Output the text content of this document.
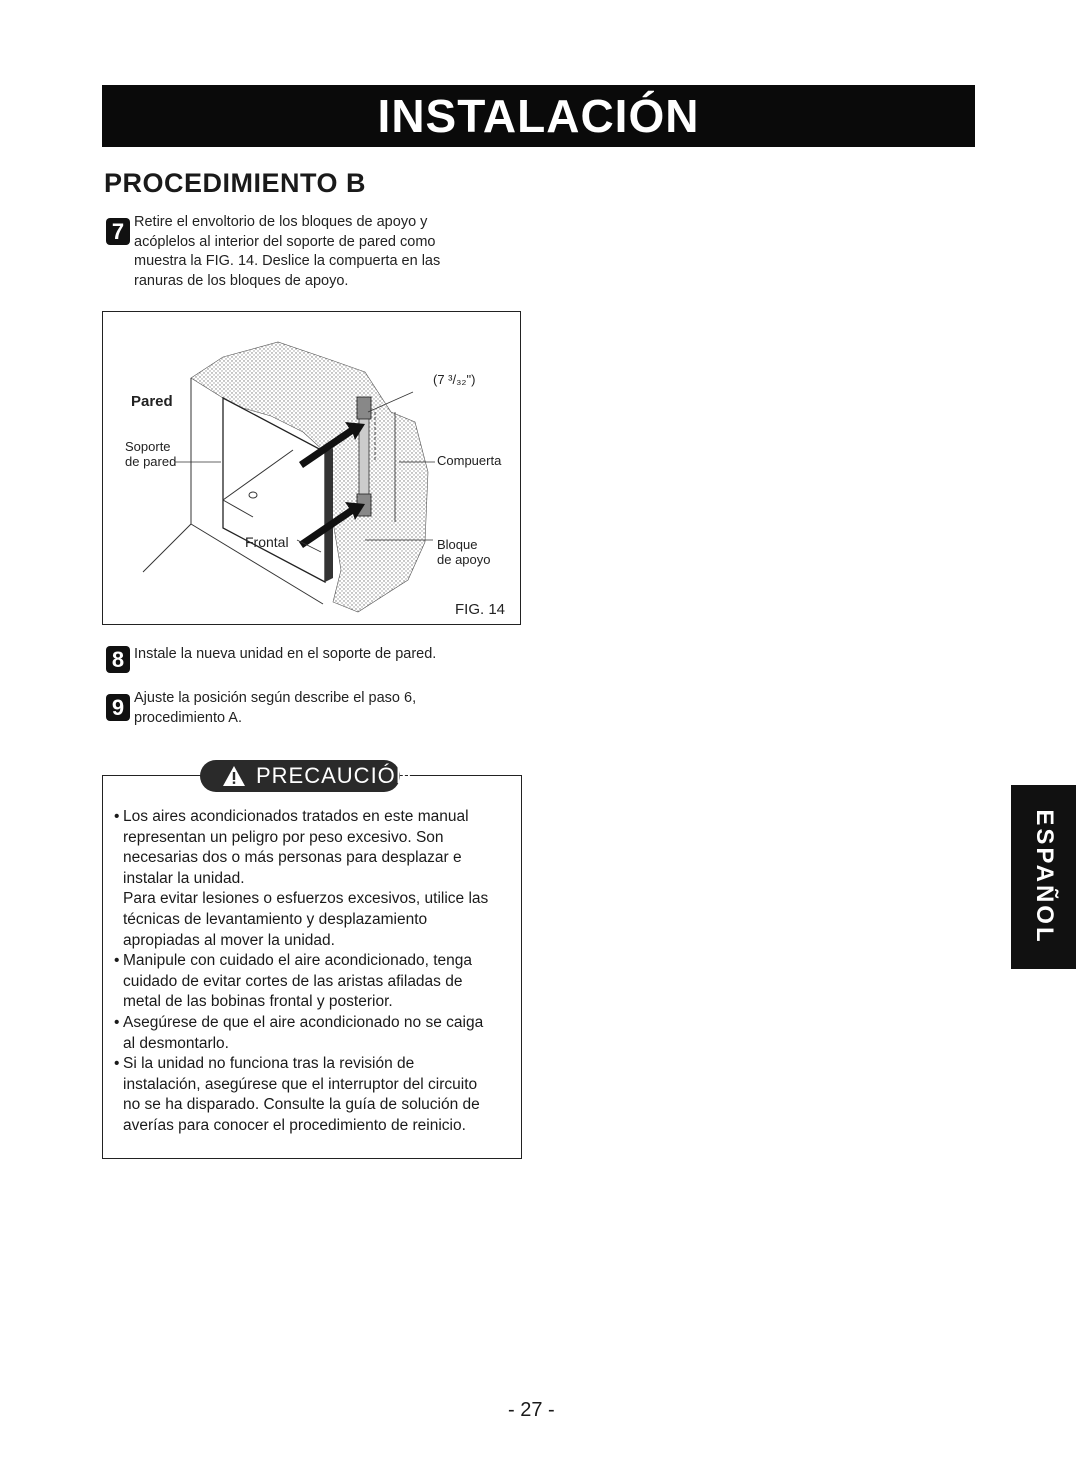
INSTALACIÓN
PROCEDIMIENTO B
7 Retire el envoltorio de los bloques de apoyo y
acóplelos al interior del soporte de pared como
muestra la FIG. 14. Deslice la compuerta en las
ranuras de los bloques de apoyo.
Pared
Soporte
de pared
Frontal
(7 ³/₃₂")
Compuerta
Bloque
de apoyo
FIG. 14
8 Instale la nueva unidad en el soporte de pared.
9 Ajuste la posición según describe el paso 6,
procedimiento A.
PRECAUCIÓN
• Los aires acondicionados tratados en este manual
representan un peligro por peso excesivo. Son
necesarias dos o más personas para desplazar e
instalar la unidad.
Para evitar lesiones o esfuerzos excesivos, utilice las
técnicas de levantamiento y desplazamiento
apropiadas al mover la unidad.
• Manipule con cuidado el aire acondicionado, tenga
cuidado de evitar cortes de las aristas afiladas de
metal de las bobinas frontal y posterior.
• Asegúrese de que el aire acondicionado no se caiga
al desmontarlo.
• Si la unidad no funciona tras la revisión de
instalación, asegúrese que el interruptor del circuito
no se ha disparado. Consulte la guía de solución de
averías para conocer el procedimiento de reinicio.
ESPAÑOL
- 27 -
